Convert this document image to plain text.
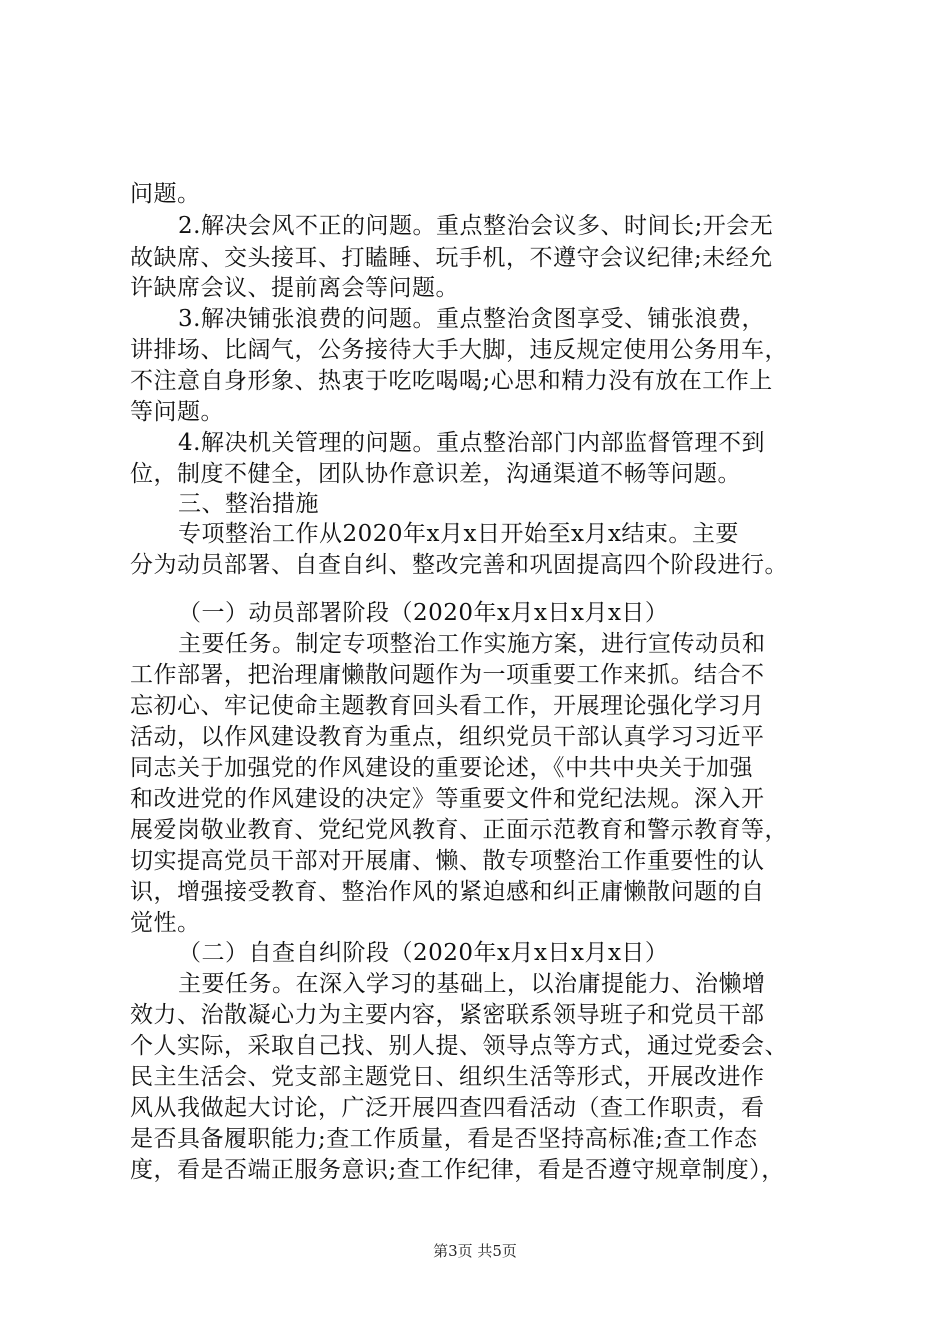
问题。
2.解决会风不正的问题。重点整治会议多、时间长;开会无
故缺席、交头接耳、打瞌睡、玩手机，不遵守会议纪律;未经允
许缺席会议、提前离会等问题。
3.解决铺张浪费的问题。重点整治贪图享受、铺张浪费，
讲排场、比阔气，公务接待大手大脚，违反规定使用公务用车，
不注意自身形象、热衷于吃吃喝喝;心思和精力没有放在工作上
等问题。
4.解决机关管理的问题。重点整治部门内部监督管理不到
位，制度不健全，团队协作意识差，沟通渠道不畅等问题。
三、整治措施
专项整治工作从2020年x月x日开始至x月x结束。主要
分为动员部署、自查自纠、整改完善和巩固提高四个阶段进行。
（一）动员部署阶段（2020年x月x日x月x日）
主要任务。制定专项整治工作实施方案，进行宣传动员和
工作部署，把治理庸懒散问题作为一项重要工作来抓。结合不
忘初心、牢记使命主题教育回头看工作，开展理论强化学习月
活动，以作风建设教育为重点，组织党员干部认真学习习近平
同志关于加强党的作风建设的重要论述，《中共中央关于加强
和改进党的作风建设的决定》等重要文件和党纪法规。深入开
展爱岗敬业教育、党纪党风教育、正面示范教育和警示教育等，
切实提高党员干部对开展庸、懒、散专项整治工作重要性的认
识，增强接受教育、整治作风的紧迫感和纠正庸懒散问题的自
觉性。
（二）自查自纠阶段（2020年x月x日x月x日）
主要任务。在深入学习的基础上，以治庸提能力、治懒增
效力、治散凝心力为主要内容，紧密联系领导班子和党员干部
个人实际，采取自己找、别人提、领导点等方式，通过党委会、
民主生活会、党支部主题党日、组织生活等形式，开展改进作
风从我做起大讨论，广泛开展四查四看活动（查工作职责，看
是否具备履职能力;查工作质量，看是否坚持高标准;查工作态
度，看是否端正服务意识;查工作纪律，看是否遵守规章制度），
第3页 共5页
